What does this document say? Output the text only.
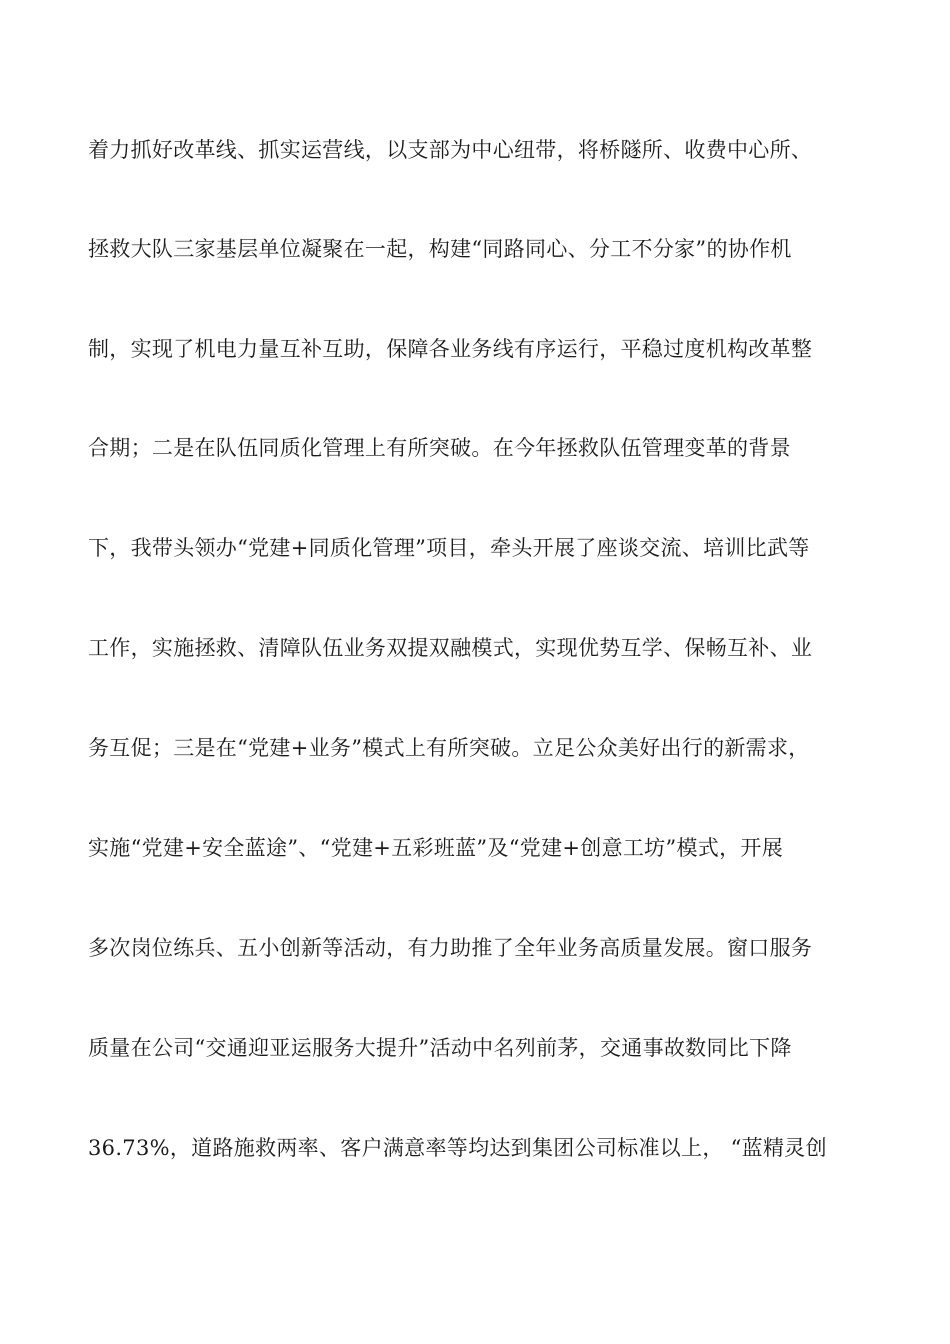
着力抓好改革线、抓实运营线，以支部为中心纽带，将桥隧所、收费中心所、
拯救大队三家基层单位凝聚在一起，构建“同路同心、分工不分家”的协作机
制，实现了机电力量互补互助，保障各业务线有序运行，平稳过度机构改革整
合期；二是在队伍同质化管理上有所突破。在今年拯救队伍管理变革的背景
下，我带头领办“党建+同质化管理”项目，牵头开展了座谈交流、培训比武等
工作，实施拯救、清障队伍业务双提双融模式，实现优势互学、保畅互补、业
务互促；三是在“党建+业务”模式上有所突破。立足公众美好出行的新需求，
实施“党建+安全蓝途”、“党建+五彩班蓝”及“党建+创意工坊”模式，开展
多次岗位练兵、五小创新等活动，有力助推了全年业务高质量发展。窗口服务
质量在公司“交通迎亚运服务大提升”活动中名列前茅，交通事故数同比下降
36.73%，道路施救两率、客户满意率等均达到集团公司标准以上， “蓝精灵创
